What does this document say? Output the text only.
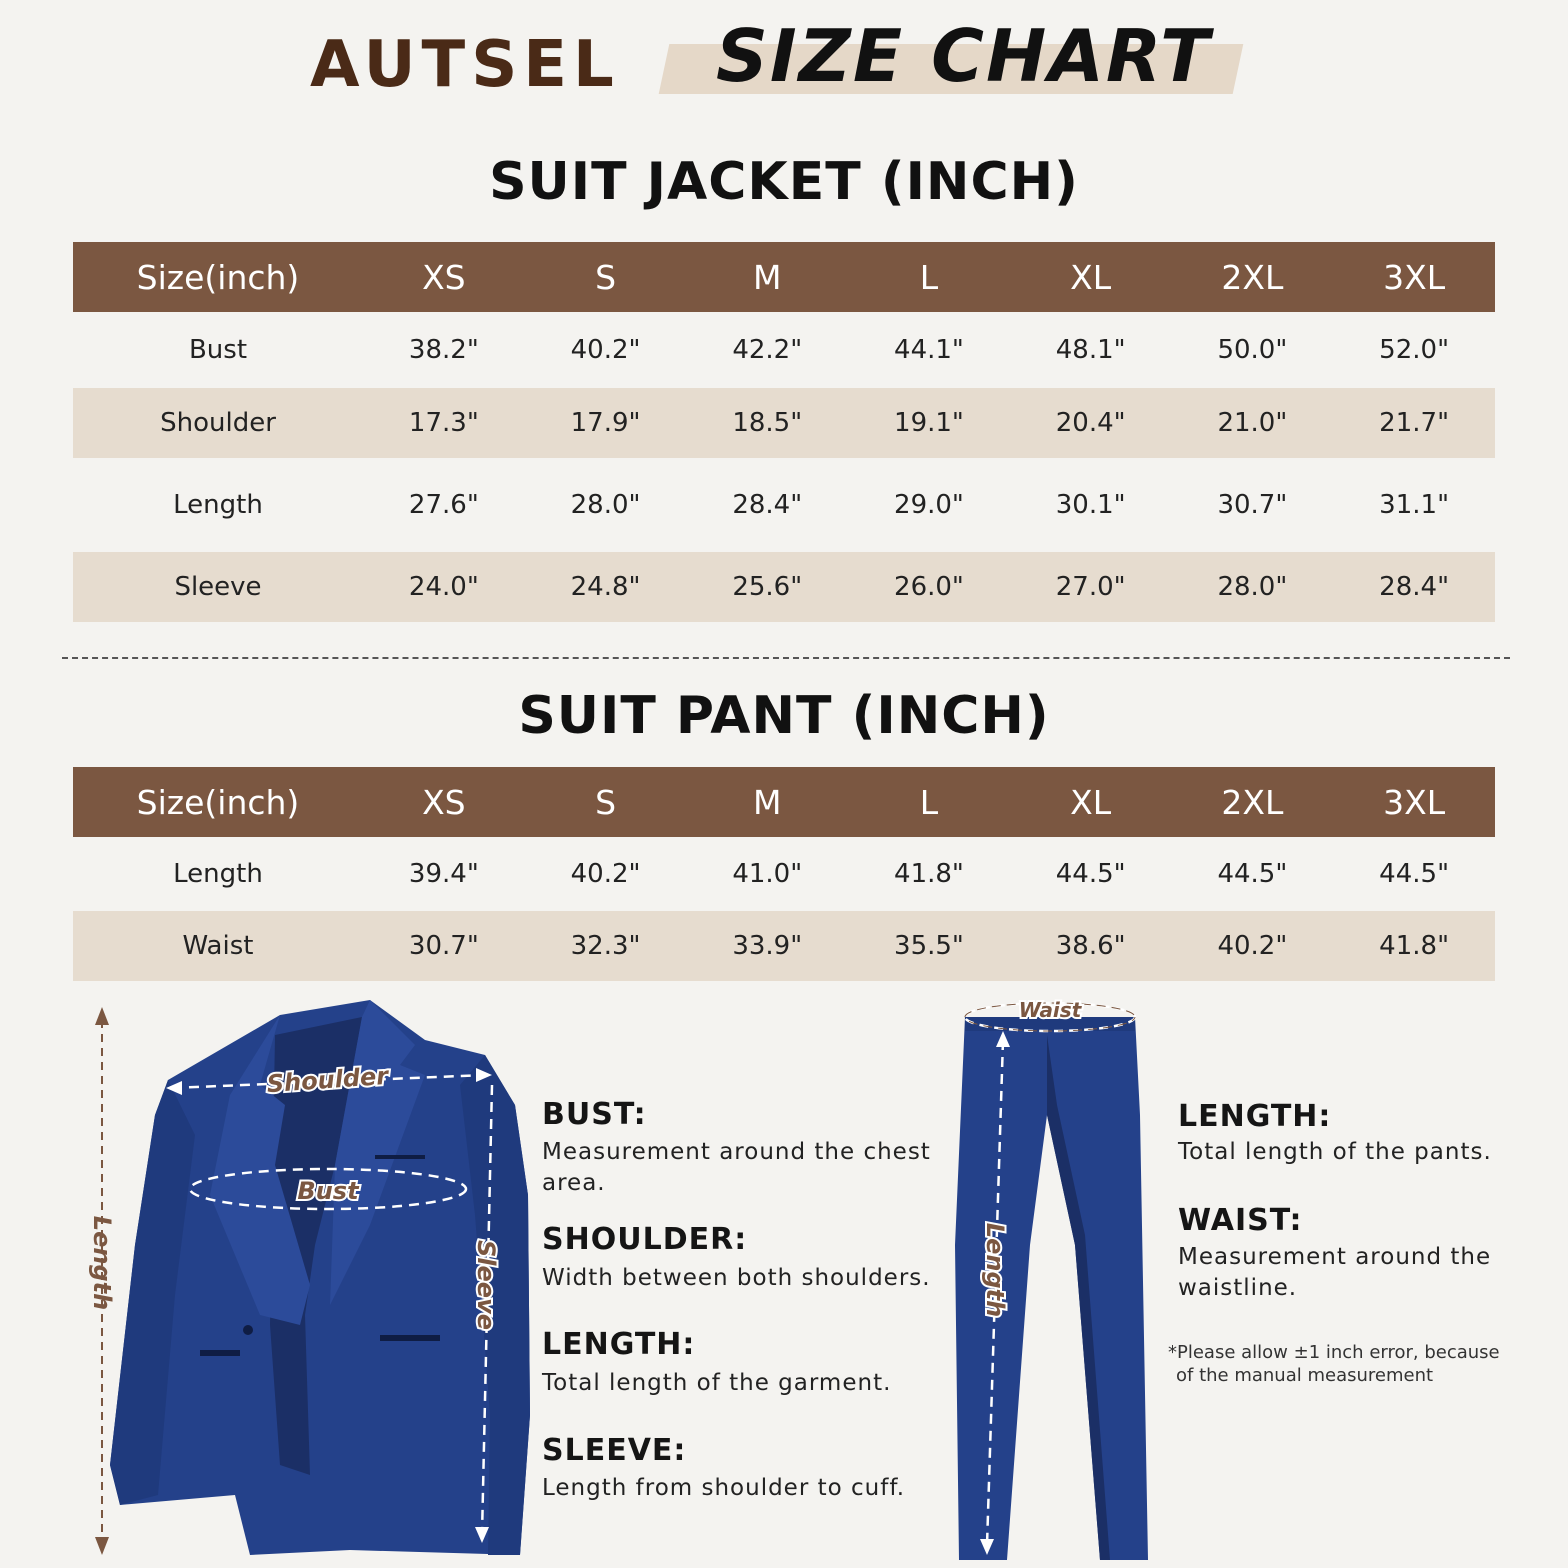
AUTSEL SIZE CHART
SUIT JACKET (INCH)
Size(inch)	XS	S	M	L	XL	2XL	3XL
Bust	38.2"	40.2"	42.2"	44.1"	48.1"	50.0"	52.0"
Shoulder	17.3"	17.9"	18.5"	19.1"	20.4"	21.0"	21.7"
Length	27.6"	28.0"	28.4"	29.0"	30.1"	30.7"	31.1"
Sleeve	24.0"	24.8"	25.6"	26.0"	27.0"	28.0"	28.4"
SUIT PANT (INCH)
Size(inch)	XS	S	M	L	XL	2XL	3XL
Length	39.4"	40.2"	41.0"	41.8"	44.5"	44.5"	44.5"
Waist	30.7"	32.3"	33.9"	35.5"	38.6"	40.2"	41.8"
Shoulder
Bust
Sleeve
Length
BUST:
Measurement around the chest
area.
SHOULDER:
Width between both shoulders.
LENGTH:
Total length of the garment.
SLEEVE:
Length from shoulder to cuff.
Waist
Length
LENGTH:
Total length of the pants.
WAIST:
Measurement around the
waistline.
*Please allow ±1 inch error, because
of the manual measurement
